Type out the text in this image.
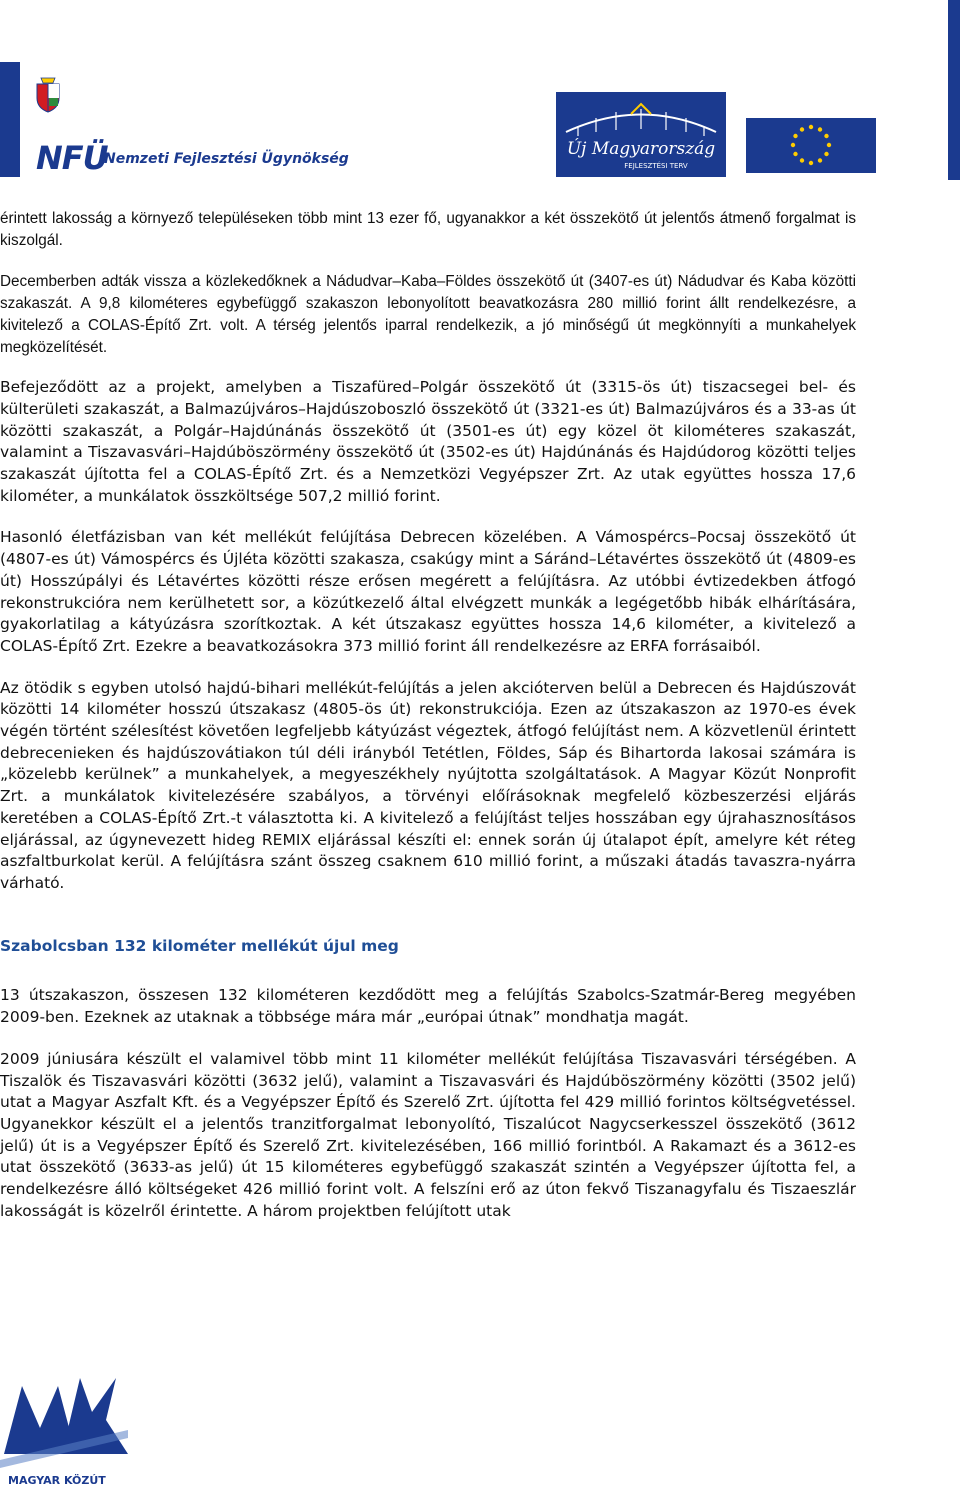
NFÜ
Nemzeti Fejlesztési Ügynökség	Új Magyarország
FEJLESZTÉSI TERV

érintett lakosság a környező településeken több mint 13 ezer fő, ugyanakkor a két összekötő út jelentős átmenő forgalmat is kiszolgál.

Decemberben adták vissza a közlekedőknek a Nádudvar–Kaba–Földes összekötő út (3407-es út) Nádudvar és Kaba közötti szakaszát. A 9,8 kilométeres egybefüggő szakaszon lebonyolított beavatkozásra 280 millió forint állt rendelkezésre, a kivitelező a COLAS-Építő Zrt. volt. A térség jelentős iparral rendelkezik, a jó minőségű út megkönnyíti a munkahelyek megközelítését.

Befejeződött az a projekt, amelyben a Tiszafüred–Polgár összekötő út (3315-ös út) tiszacsegei bel- és külterületi szakaszát, a Balmazújváros–Hajdúszoboszló összekötő út (3321-es út) Balmazújváros és a 33-as út közötti szakaszát, a Polgár–Hajdúnánás összekötő út (3501-es út) egy közel öt kilométeres szakaszát, valamint a Tiszavasvári–Hajdúböszörmény összekötő út (3502-es út) Hajdúnánás és Hajdúdorog közötti teljes szakaszát újította fel a COLAS-Építő Zrt. és a Nemzetközi Vegyépszer Zrt. Az utak együttes hossza 17,6 kilométer, a munkálatok összköltsége 507,2 millió forint.

Hasonló életfázisban van két mellékút felújítása Debrecen közelében. A Vámospércs–Pocsaj összekötő út (4807-es út) Vámospércs és Újléta közötti szakasza, csakúgy mint a Sáránd–Létavértes összekötő út (4809-es út) Hosszúpályi és Létavértes közötti része erősen megérett a felújításra. Az utóbbi évtizedekben átfogó rekonstrukcióra nem kerülhetett sor, a közútkezelő által elvégzett munkák a legégetőbb hibák elhárítására, gyakorlatilag a kátyúzásra szorítkoztak. A két útszakasz együttes hossza 14,6 kilométer, a kivitelező a COLAS-Építő Zrt. Ezekre a beavatkozásokra 373 millió forint áll rendelkezésre az ERFA forrásaiból.

Az ötödik s egyben utolsó hajdú-bihari mellékút-felújítás a jelen akcióterven belül a Debrecen és Hajdúszovát közötti 14 kilométer hosszú útszakasz (4805-ös út) rekonstrukciója. Ezen az útszakaszon az 1970-es évek végén történt szélesítést követően legfeljebb kátyúzást végeztek, átfogó felújítást nem. A közvetlenül érintett debrecenieken és hajdúszovátiakon túl déli irányból Tetétlen, Földes, Sáp és Bihartorda lakosai számára is „közelebb kerülnek” a munkahelyek, a megyeszékhely nyújtotta szolgáltatások. A Magyar Közút Nonprofit Zrt. a munkálatok kivitelezésére szabályos, a törvényi előírásoknak megfelelő közbeszerzési eljárás keretében a COLAS-Építő Zrt.-t választotta ki. A kivitelező a felújítást teljes hosszában egy újrahasznosításos eljárással, az úgynevezett hideg REMIX eljárással készíti el: ennek során új útalapot épít, amelyre két réteg aszfaltburkolat kerül. A felújításra szánt összeg csaknem 610 millió forint, a műszaki átadás tavaszra-nyárra várható.

Szabolcsban 132 kilométer mellékút újul meg

13 útszakaszon, összesen 132 kilométeren kezdődött meg a felújítás Szabolcs-Szatmár-Bereg megyében 2009-ben. Ezeknek az utaknak a többsége mára már „európai útnak” mondhatja magát.

2009 júniusára készült el valamivel több mint 11 kilométer mellékút felújítása Tiszavasvári térségében. A Tiszalök és Tiszavasvári közötti (3632 jelű), valamint a Tiszavasvári és Hajdúböszörmény közötti (3502 jelű) utat a Magyar Aszfalt Kft. és a Vegyépszer Építő és Szerelő Zrt. újította fel 429 millió forintos költségvetéssel. Ugyanekkor készült el a jelentős tranzitforgalmat lebonyolító, Tiszalúcot Nagycserkesszel összekötő (3612 jelű) út is a Vegyépszer Építő és Szerelő Zrt. kivitelezésében, 166 millió forintból. A Rakamazt és a 3612-es utat összekötő (3633-as jelű) út 15 kilométeres egybefüggő szakaszát szintén a Vegyépszer újította fel, a rendelkezésre álló költségeket 426 millió forint volt. A felszíni erő az úton fekvő Tiszanagyfalu és Tiszaeszlár lakosságát is közelről érintette. A három projektben felújított utak

MAGYAR KÖZÚT
